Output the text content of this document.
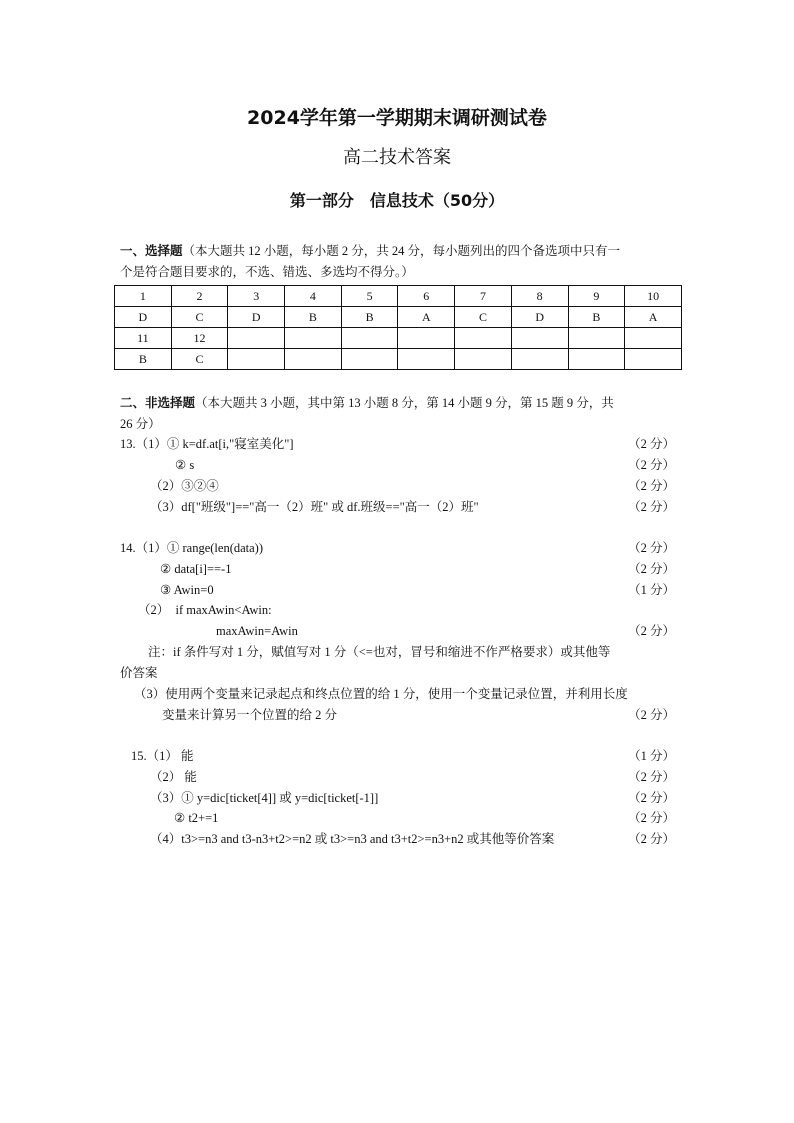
2024学年第一学期期末调研测试卷
高二技术答案
第一部分　信息技术（50分）
一、选择题（本大题共 12 小题，每小题 2 分，共 24 分，每小题列出的四个备选项中只有一
个是符合题目要求的，不选、错选、多选均不得分。）
1	2	3	4	5	6	7	8	9	10
D	C	D	B	B	A	C	D	B	A
11	12								
B	C								
二、非选择题（本大题共 3 小题，其中第 13 小题 8 分，第 14 小题 9 分，第 15 题 9 分，共
26 分）
13.（1）① k=df.at[i,"寝室美化"]	（2 分）
② s	（2 分）
（2）③②④	（2 分）
（3）df["班级"]=="高一（2）班" 或 df.班级=="高一（2）班"	（2 分）
14.（1）① range(len(data))	（2 分）
② data[i]==-1	（2 分）
③ Awin=0	（1 分）
（2）　if maxAwin<Awin:
maxAwin=Awin	（2 分）
注：if 条件写对 1 分，赋值写对 1 分（<=也对，冒号和缩进不作严格要求）或其他等
价答案
（3）使用两个变量来记录起点和终点位置的给 1 分，使用一个变量记录位置，并利用长度
变量来计算另一个位置的给 2 分	（2 分）
15.（1） 能	（1 分）
（2） 能	（2 分）
（3）① y=dic[ticket[4]] 或 y=dic[ticket[-1]]	（2 分）
② t2+=1	（2 分）
（4）t3>=n3 and t3-n3+t2>=n2 或 t3>=n3 and t3+t2>=n3+n2 或其他等价答案	（2 分）
